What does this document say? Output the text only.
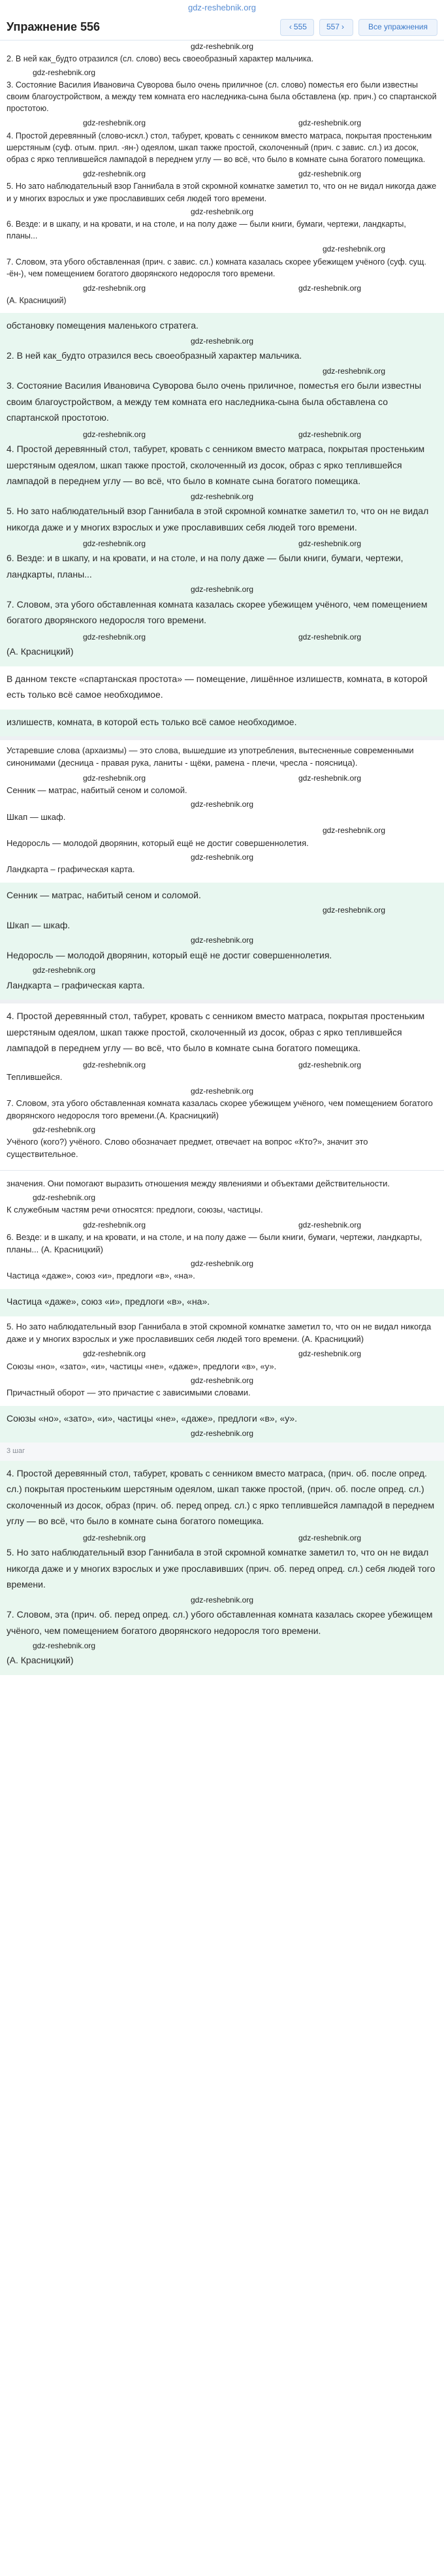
gdz-reshebnik.org
Упражнение 556	‹ 555	557 ›	Все упражнения
gdz-reshebnik.org

2. В ней как_будто отразился (сл. слово) весь своеобразный характер мальчика.

gdz-reshebnik.org

3. Состояние Василия Ивановича Суворова было очень приличное (сл. слово) поместья его были известны своим благоустройством, а между тем комната его наследника-сына была обставлена (кр. прич.) со спартанской простотою.

gdz-reshebnik.org	gdz-reshebnik.org

4. Простой деревянный (слово-искл.) стол, табурет, кровать с сенником вместо матраса, покрытая простеньким шерстяным (суф. отым. прил. -ян-) одеялом, шкап также простой, сколоченный (прич. с завис. сл.) из досок, образ с ярко теплившейся лампадой в переднем углу — во всё, что было в комнате сына богатого помещика.

gdz-reshebnik.org	gdz-reshebnik.org

5. Но зато наблюдательный взор Ганнибала в этой скромной комнатке заметил то, что он не видал никогда даже и у многих взрослых и уже прославивших себя людей того времени.

gdz-reshebnik.org

6. Везде: и в шкапу, и на кровати, и на столе, и на полу даже — были книги, бумаги, чертежи, ландкарты, планы...

gdz-reshebnik.org

7. Словом, эта убого обставленная (прич. с завис. сл.) комната казалась скорее убежищем учёного (суф. сущ. -ён-), чем помещением богатого дворянского недоросля того времени.

gdz-reshebnik.org	gdz-reshebnik.org

(А. Красницкий)

обстановку помещения маленького стратега.

gdz-reshebnik.org

2. В ней как_будто отразился весь своеобразный характер мальчика.

gdz-reshebnik.org

3. Состояние Василия Ивановича Суворова было очень приличное, поместья его были известны своим благоустройством, а между тем комната его наследника-сына была обставлена со спартанской простотою.

gdz-reshebnik.org	gdz-reshebnik.org

4. Простой деревянный стол, табурет, кровать с сенником вместо матраса, покрытая простеньким шерстяным одеялом, шкап также простой, сколоченный из досок, образ с ярко теплившейся лампадой в переднем углу — во всё, что было в комнате сына богатого помещика.

gdz-reshebnik.org

5. Но зато наблюдательный взор Ганнибала в этой скромной комнатке заметил то, что он не видал никогда даже и у многих взрослых и уже прославивших себя людей того времени.

gdz-reshebnik.org	gdz-reshebnik.org

6. Везде: и в шкапу, и на кровати, и на столе, и на полу даже — были книги, бумаги, чертежи, ландкарты, планы...

gdz-reshebnik.org

7. Словом, эта убого обставленная комната казалась скорее убежищем учёного, чем помещением богатого дворянского недоросля того времени.

gdz-reshebnik.org	gdz-reshebnik.org

(А. Красницкий)

В данном тексте «спартанская простота» — помещение, лишённое излишеств, комната, в которой есть только всё самое необходимое.

излишеств, комната, в которой есть только всё самое необходимое.

Устаревшие слова (архаизмы) — это слова, вышедшие из употребления, вытесненные современными синонимами (десница - правая рука, ланиты - щёки, рамена - плечи, чресла - поясница).

gdz-reshebnik.org	gdz-reshebnik.org

Сенник — матрас, набитый сеном и соломой.

gdz-reshebnik.org

Шкап — шкаф.

gdz-reshebnik.org

Недоросль — молодой дворянин, который ещё не достиг совершеннолетия.

gdz-reshebnik.org

Ландкарта – графическая карта.

Сенник — матрас, набитый сеном и соломой.

gdz-reshebnik.org

Шкап — шкаф.

gdz-reshebnik.org

Недоросль — молодой дворянин, который ещё не достиг совершеннолетия.

gdz-reshebnik.org

Ландкарта – графическая карта.

4. Простой деревянный стол, табурет, кровать с сенником вместо матраса, покрытая простеньким шерстяным одеялом, шкап также простой, сколоченный из досок, образ с ярко теплившейся лампадой в переднем углу — во всё, что было в комнате сына богатого помещика.

gdz-reshebnik.org	gdz-reshebnik.org

Теплившейся.

gdz-reshebnik.org

7. Словом, эта убого обставленная комната казалась скорее убежищем учёного, чем помещением богатого дворянского недоросля того времени.(А. Красницкий)

gdz-reshebnik.org

Учёного (кого?) учёного. Слово обозначает предмет, отвечает на вопрос «Кто?», значит это существительное.

значения. Они помогают выразить отношения между явлениями и объектами действительности.

gdz-reshebnik.org

К служебным частям речи относятся: предлоги, союзы, частицы.

gdz-reshebnik.org	gdz-reshebnik.org

6. Везде: и в шкапу, и на кровати, и на столе, и на полу даже — были книги, бумаги, чертежи, ландкарты, планы... (А. Красницкий)

gdz-reshebnik.org

Частица «даже», союз «и», предлоги «в», «на».

Частица «даже», союз «и», предлоги «в», «на».

5. Но зато наблюдательный взор Ганнибала в этой скромной комнатке заметил то, что он не видал никогда даже и у многих взрослых и уже прославивших себя людей того времени. (А. Красницкий)

gdz-reshebnik.org	gdz-reshebnik.org

Союзы «но», «зато», «и», частицы «не», «даже», предлоги «в», «у».

gdz-reshebnik.org

Причастный оборот — это причастие с зависимыми словами.

Союзы «но», «зато», «и», частицы «не», «даже», предлоги «в», «у».

gdz-reshebnik.org
3 шаг

4. Простой деревянный стол, табурет, кровать с сенником вместо матраса, (прич. об. после опред. сл.) покрытая простеньким шерстяным одеялом, шкап также простой, (прич. об. после опред. сл.) сколоченный из досок, образ (прич. об. перед опред. сл.) с ярко теплившейся лампадой в переднем углу — во всё, что было в комнате сына богатого помещика.

gdz-reshebnik.org	gdz-reshebnik.org

5. Но зато наблюдательный взор Ганнибала в этой скромной комнатке заметил то, что он не видал никогда даже и у многих взрослых и уже прославивших (прич. об. перед опред. сл.) себя людей того времени.

gdz-reshebnik.org

7. Словом, эта (прич. об. перед опред. сл.) убого обставленная комната казалась скорее убежищем учёного, чем помещением богатого дворянского недоросля того времени.

gdz-reshebnik.org

(А. Красницкий)
